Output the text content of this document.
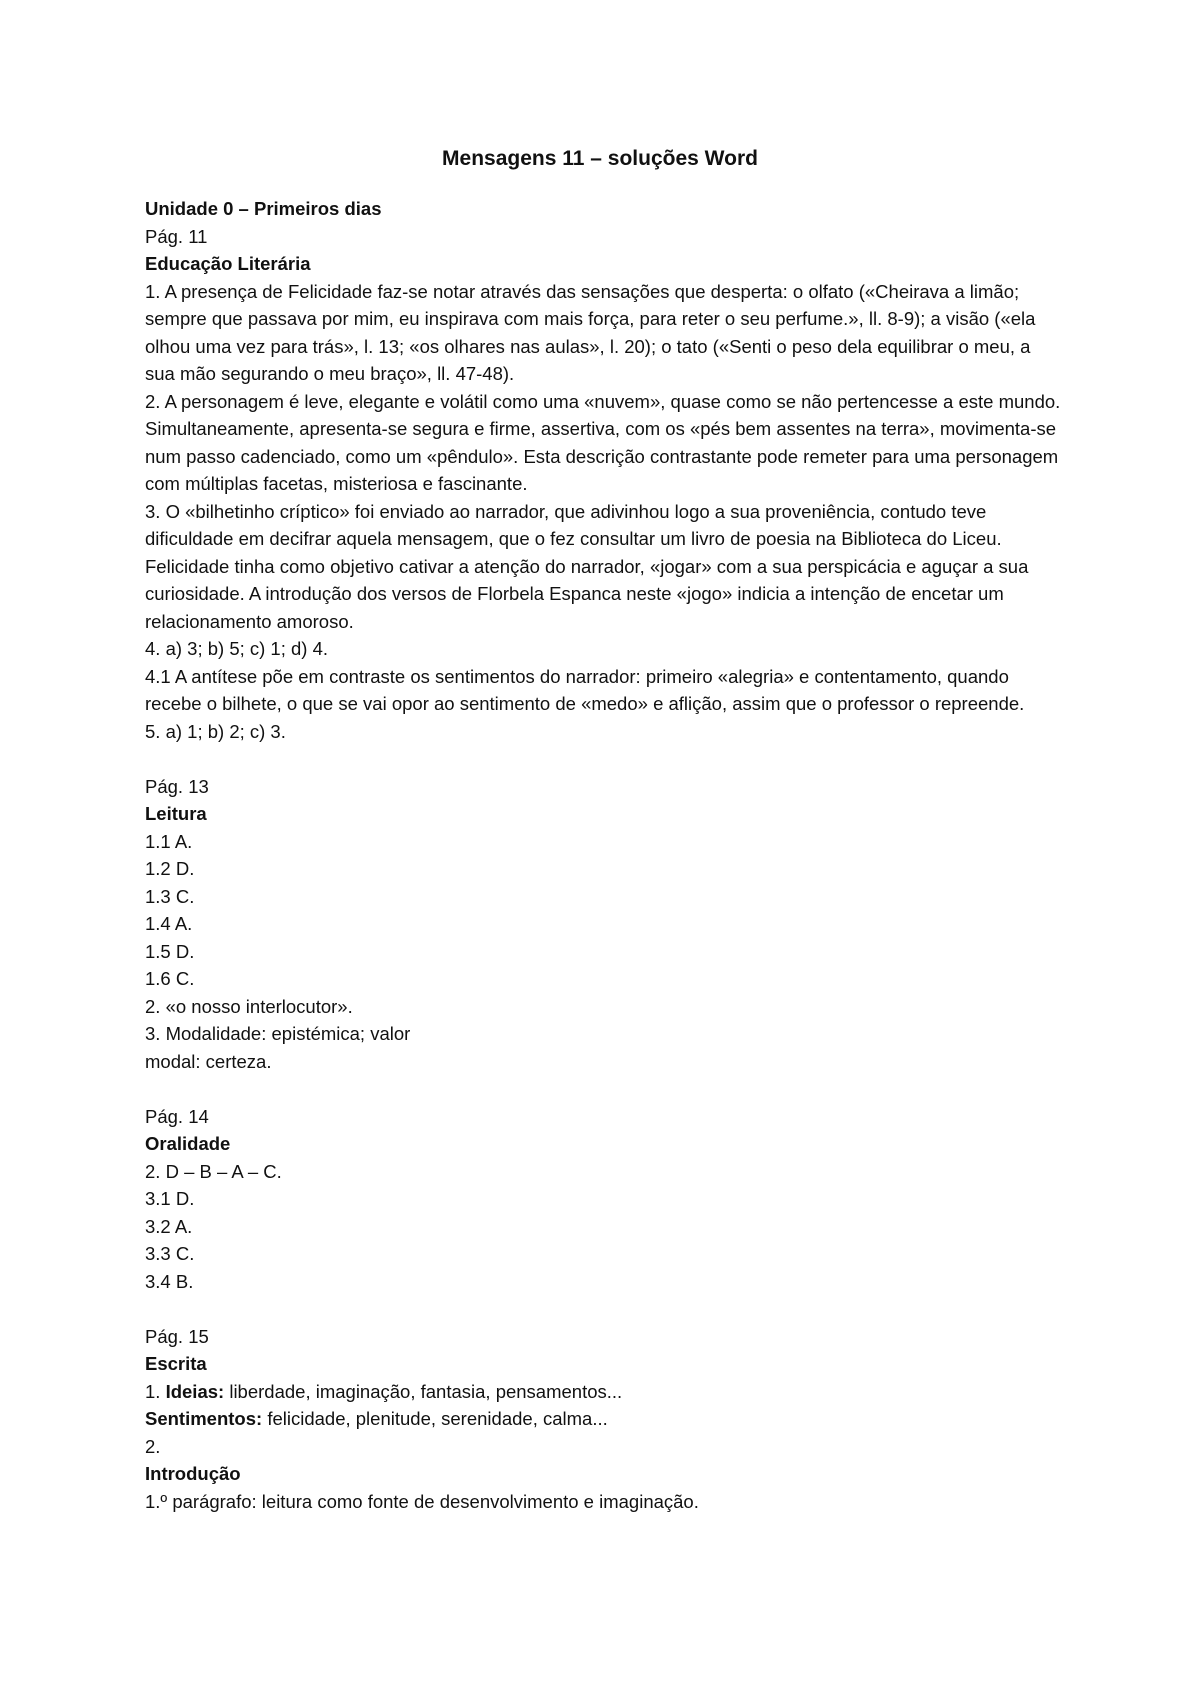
Mensagens 11 – soluções Word

Unidade 0 – Primeiros dias

Pág. 11

Educação Literária

1. A presença de Felicidade faz-se notar através das sensações que desperta: o olfato («Cheirava a limão; sempre que passava por mim, eu inspirava com mais força, para reter o seu perfume.», ll. 8-9); a visão («ela olhou uma vez para trás», l. 13; «os olhares nas aulas», l. 20); o tato («Senti o peso dela equilibrar o meu, a sua mão segurando o meu braço», ll. 47-48).

2. A personagem é leve, elegante e volátil como uma «nuvem», quase como se não pertencesse a este mundo. Simultaneamente, apresenta-se segura e firme, assertiva, com os «pés bem assentes na terra», movimenta-se num passo cadenciado, como um «pêndulo». Esta descrição contrastante pode remeter para uma personagem com múltiplas facetas, misteriosa e fascinante.

3. O «bilhetinho críptico» foi enviado ao narrador, que adivinhou logo a sua proveniência, contudo teve dificuldade em decifrar aquela mensagem, que o fez consultar um livro de poesia na Biblioteca do Liceu. Felicidade tinha como objetivo cativar a atenção do narrador, «jogar» com a sua perspicácia e aguçar a sua curiosidade. A introdução dos versos de Florbela Espanca neste «jogo» indicia a intenção de encetar um relacionamento amoroso.

4. a) 3; b) 5; c) 1; d) 4.

4.1 A antítese põe em contraste os sentimentos do narrador: primeiro «alegria» e contentamento, quando recebe o bilhete, o que se vai opor ao sentimento de «medo» e aflição, assim que o professor o repreende.

5. a) 1; b) 2; c) 3.

Pág. 13

Leitura

1.1 A.

1.2 D.

1.3 C.

1.4 A.

1.5 D.

1.6 C.

2. «o nosso interlocutor».

3. Modalidade: epistémica; valor

modal: certeza.

Pág. 14

Oralidade

2. D – B – A – C.

3.1 D.

3.2 A.

3.3 C.

3.4 B.

Pág. 15

Escrita

1. Ideias: liberdade, imaginação, fantasia, pensamentos...

Sentimentos: felicidade, plenitude, serenidade, calma...

2.

Introdução

1.º parágrafo: leitura como fonte de desenvolvimento e imaginação.
